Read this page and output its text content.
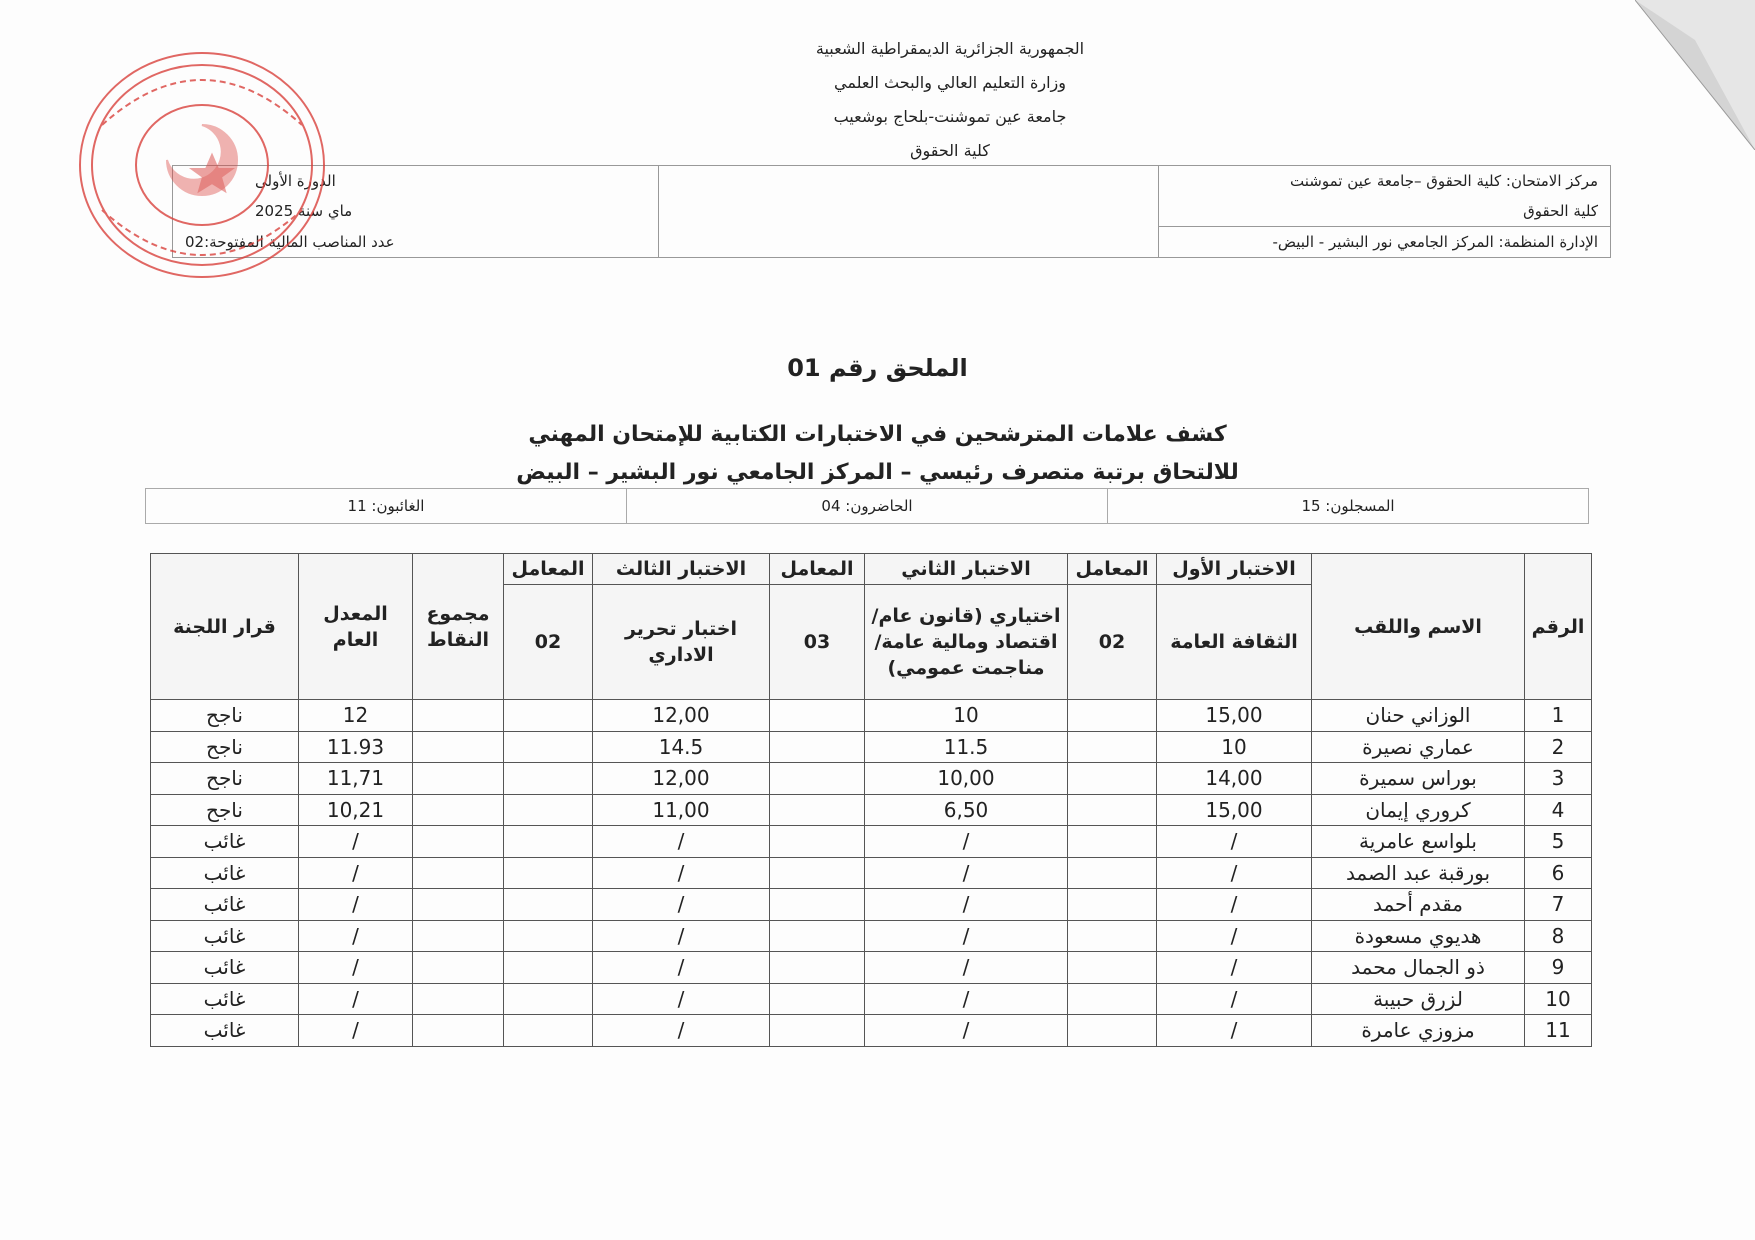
الجمهورية الجزائرية الديمقراطية الشعبية
وزارة التعليم العالي والبحث العلمي
جامعة عين تموشنت-بلحاج بوشعيب
كلية الحقوق
مركز الامتحان: كلية الحقوق –جامعة عين تموشنت		الدورة الأولى
كلية الحقوق		ماي سنة 2025
الإدارة المنظمة: المركز الجامعي نور البشير - البيض-		عدد المناصب المالية المفتوحة:02
الملحق رقم 01
كشف علامات المترشحين في الاختبارات الكتابية للإمتحان المهني
للالتحاق برتبة متصرف رئيسي – المركز الجامعي نور البشير – البيض
المسجلون: 15	الحاضرون: 04	الغائبون: 11
الرقم	الاسم واللقب	الاختبار الأول	المعامل	الاختبار الثاني	المعامل	الاختبار الثالث	المعامل	مجموع النقاط	المعدل العام	قرار اللجنة
		الثقافة العامة	02	اختياري (قانون عام/اقتصاد ومالية عامة/مناجمت عمومي)	03	اختبار تحرير الاداري	02			
1	الوزاني حنان	15,00		10		12,00			12	ناجح
2	عماري نصيرة	10		11.5		14.5			11.93	ناجح
3	بوراس سميرة	14,00		10,00		12,00			11,71	ناجح
4	كروري إيمان	15,00		6,50		11,00			10,21	ناجح
5	بلواسع عامرية	/		/		/			/	غائب
6	بورقبة عبد الصمد	/		/		/			/	غائب
7	مقدم أحمد	/		/		/			/	غائب
8	هديوي مسعودة	/		/		/			/	غائب
9	ذو الجمال محمد	/		/		/			/	غائب
10	لزرق حبيبة	/		/		/			/	غائب
11	مزوزي عامرة	/		/		/			/	غائب
